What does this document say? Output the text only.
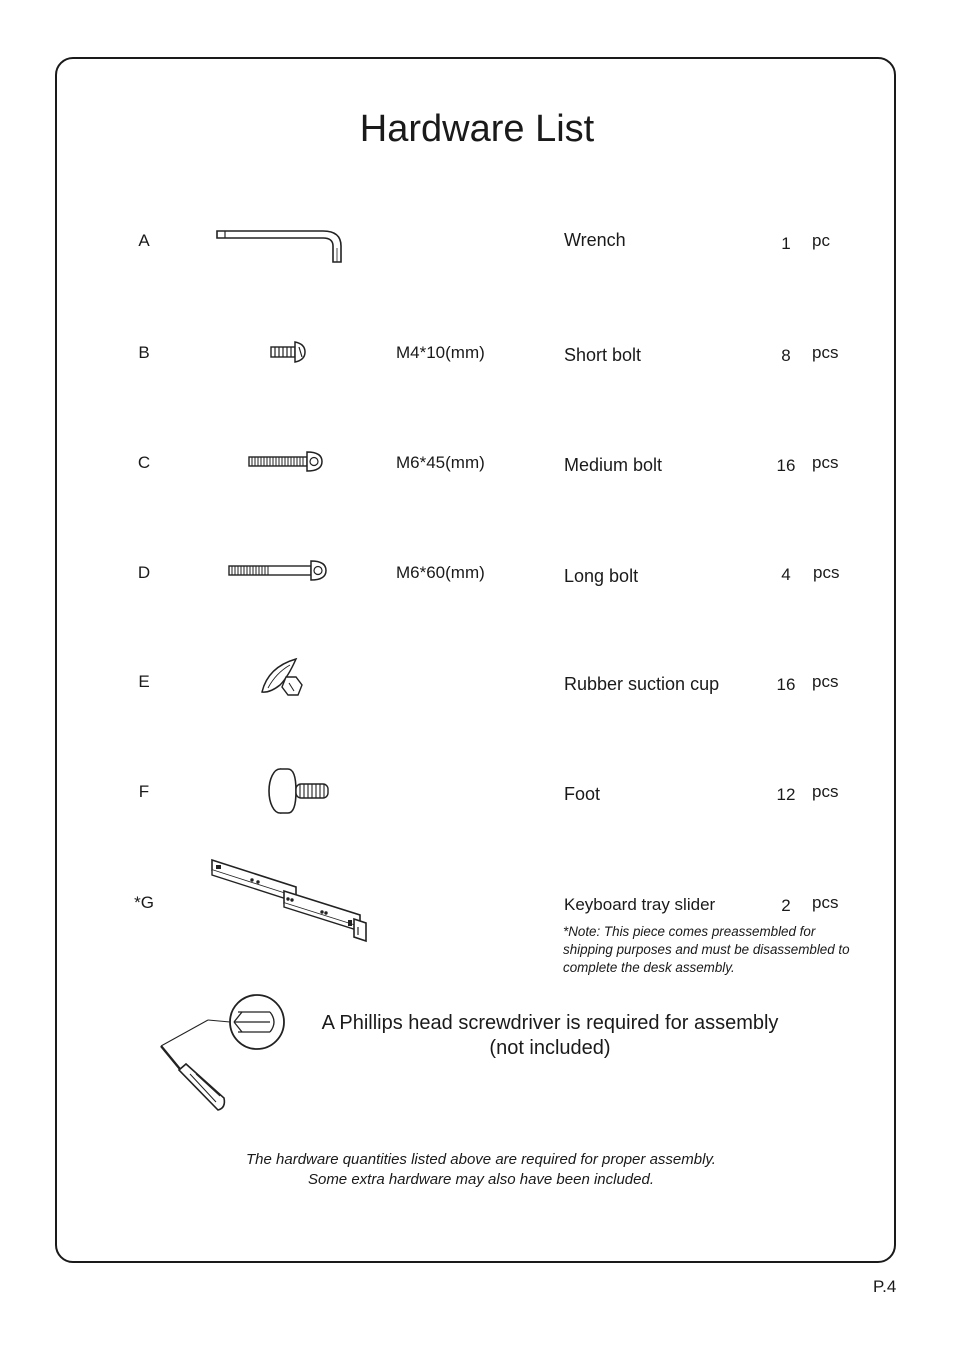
Hardware List
A	Wrench	1	pc
B	M4*10(mm)	Short bolt	8	pcs
C	M6*45(mm)	Medium bolt	16 pcs
D	M6*60(mm)	Long bolt	4	pcs
E	Rubber suction cup	16 pcs
F	Foot	12 pcs
*G	Keyboard tray slider	2	pcs
*Note: This piece comes preassembled for shipping purposes and must be disassembled to complete the desk assembly.
A Phillips head screwdriver is required for assembly
(not included)
The hardware quantities listed above are required for proper assembly.
Some extra hardware may also have been included.
P.4
